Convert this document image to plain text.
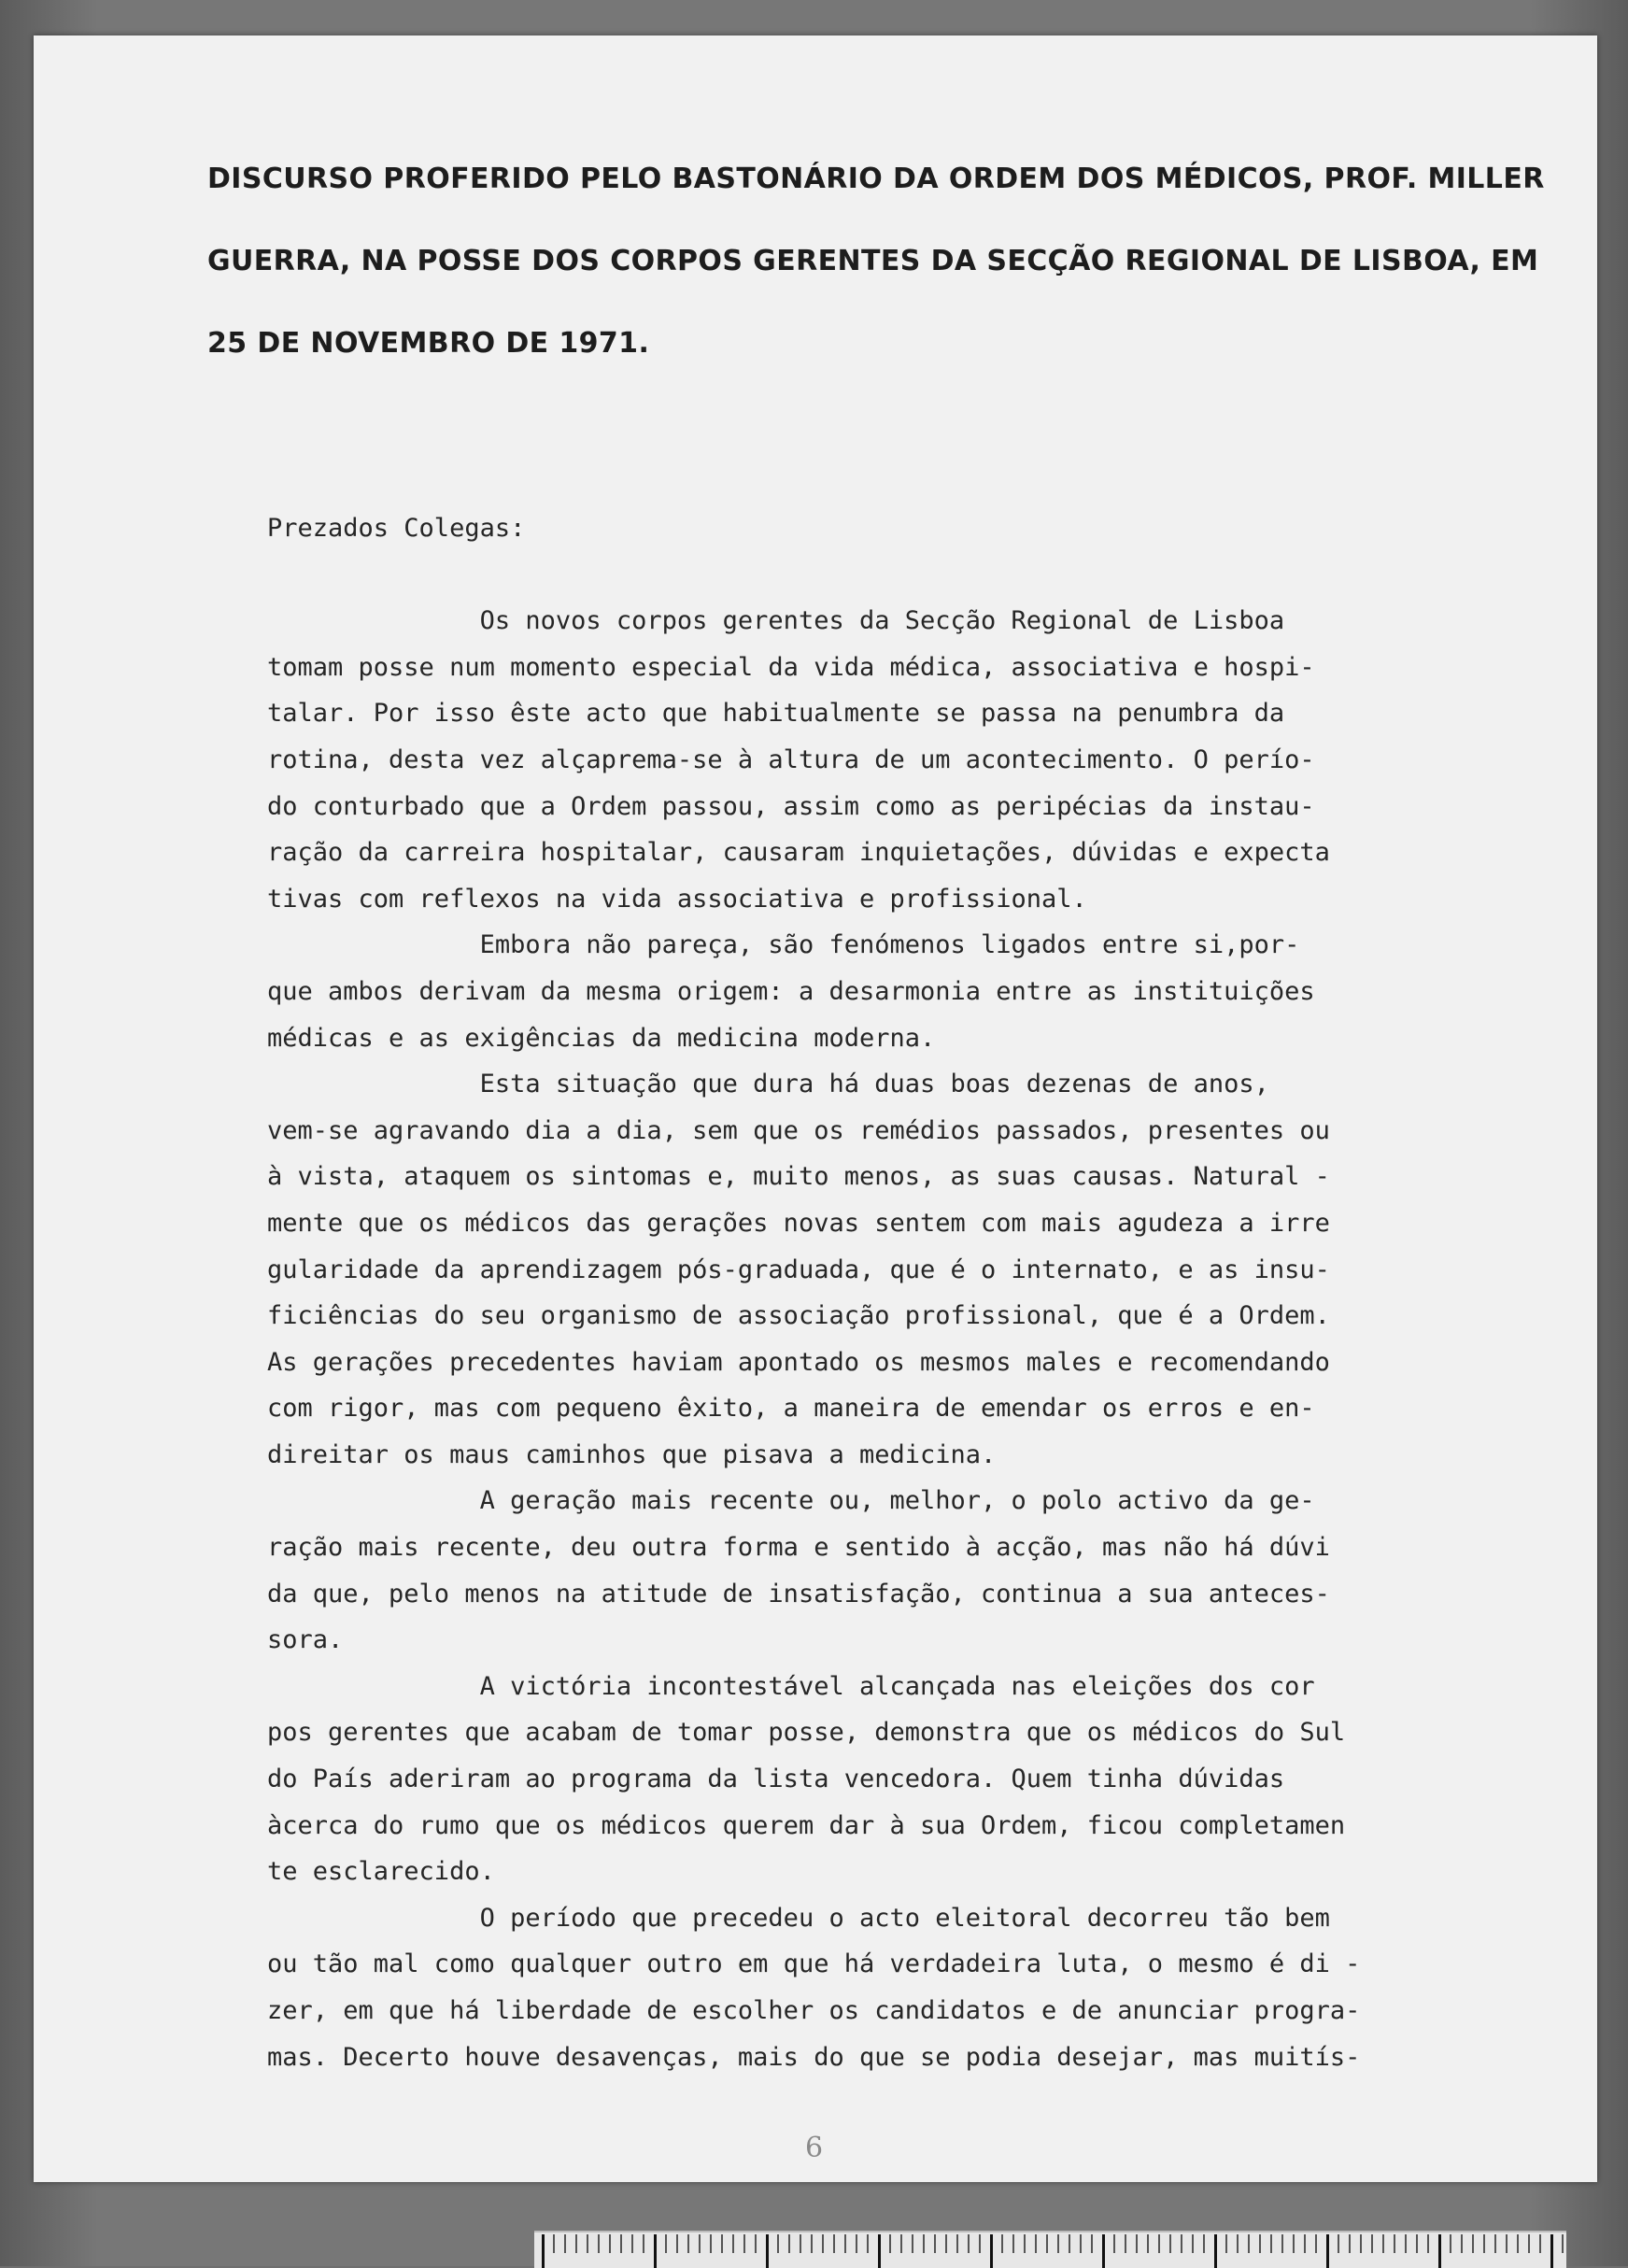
DISCURSO PROFERIDO PELO BASTONÁRIO DA ORDEM DOS MÉDICOS, PROF. MILLER
GUERRA, NA POSSE DOS CORPOS GERENTES DA SECÇÃO REGIONAL DE LISBOA, EM
25 DE NOVEMBRO DE 1971.
Prezados Colegas:
Os novos corpos gerentes da Secção Regional de Lisboa
tomam posse num momento especial da vida médica, associativa e hospi-
talar. Por isso êste acto que habitualmente se passa na penumbra da
rotina, desta vez alçaprema-se à altura de um acontecimento. O perío-
do conturbado que a Ordem passou, assim como as peripécias da instau-
ração da carreira hospitalar, causaram inquietações, dúvidas e expecta
tivas com reflexos na vida associativa e profissional.
Embora não pareça, são fenómenos ligados entre si,por-
que ambos derivam da mesma origem: a desarmonia entre as instituições
médicas e as exigências da medicina moderna.
Esta situação que dura há duas boas dezenas de anos,
vem-se agravando dia a dia, sem que os remédios passados, presentes ou
à vista, ataquem os sintomas e, muito menos, as suas causas. Natural -
mente que os médicos das gerações novas sentem com mais agudeza a irre
gularidade da aprendizagem pós-graduada, que é o internato, e as insu-
ficiências do seu organismo de associação profissional, que é a Ordem.
As gerações precedentes haviam apontado os mesmos males e recomendando
com rigor, mas com pequeno êxito, a maneira de emendar os erros e en-
direitar os maus caminhos que pisava a medicina.
A geração mais recente ou, melhor, o polo activo da ge-
ração mais recente, deu outra forma e sentido à acção, mas não há dúvi
da que, pelo menos na atitude de insatisfação, continua a sua anteces-
sora.
A victória incontestável alcançada nas eleições dos cor
pos gerentes que acabam de tomar posse, demonstra que os médicos do Sul
do País aderiram ao programa da lista vencedora. Quem tinha dúvidas
àcerca do rumo que os médicos querem dar à sua Ordem, ficou completamen
te esclarecido.
O período que precedeu o acto eleitoral decorreu tão bem
ou tão mal como qualquer outro em que há verdadeira luta, o mesmo é di -
zer, em que há liberdade de escolher os candidatos e de anunciar progra-
mas. Decerto houve desavenças, mais do que se podia desejar, mas muitís-
6
